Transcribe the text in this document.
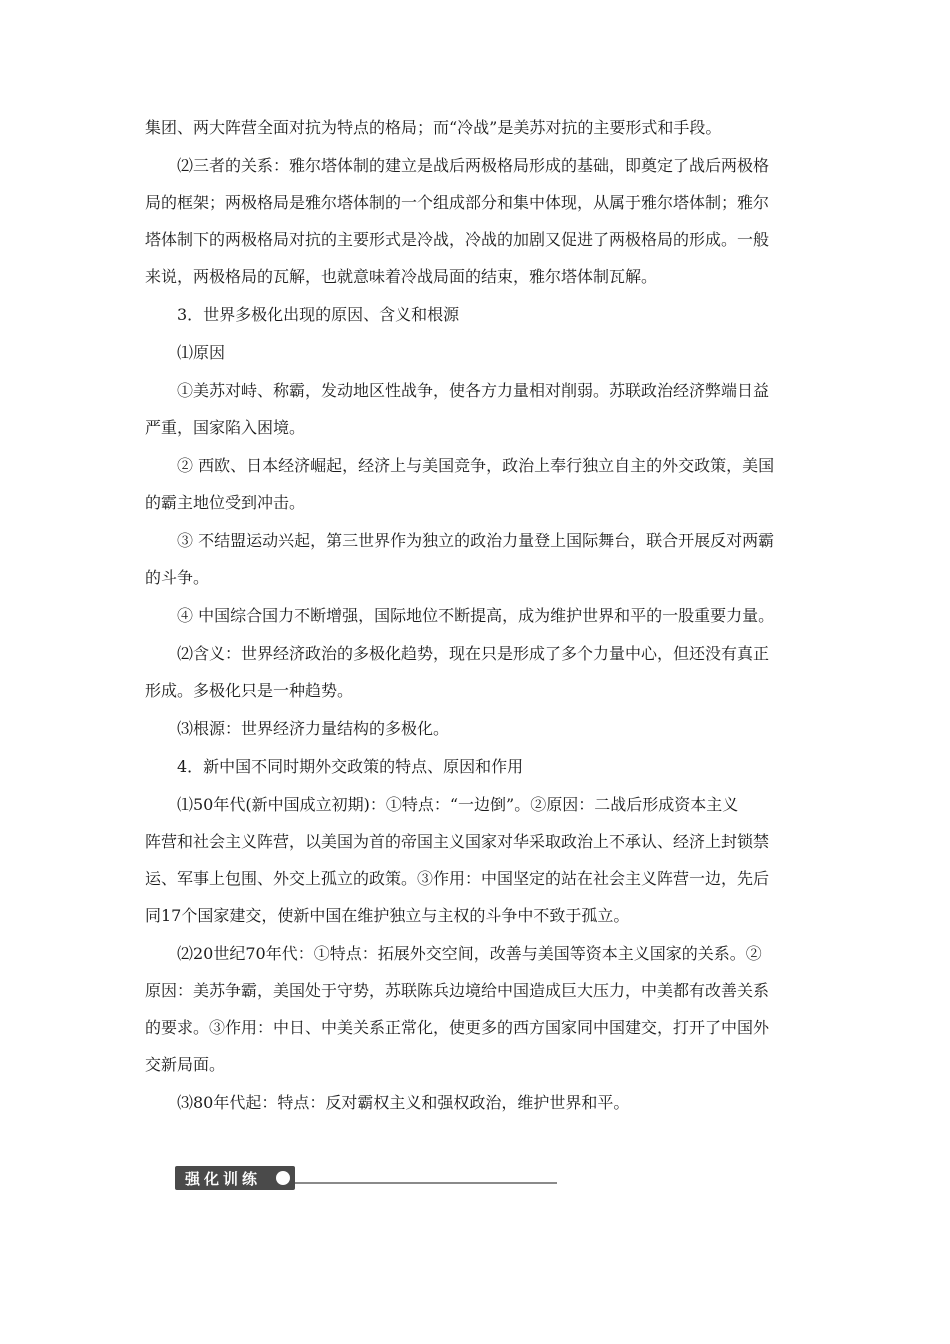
集团、两大阵营全面对抗为特点的格局；而“冷战”是美苏对抗的主要形式和手段。
⑵三者的关系：雅尔塔体制的建立是战后两极格局形成的基础，即奠定了战后两极格
局的框架；两极格局是雅尔塔体制的一个组成部分和集中体现，从属于雅尔塔体制；雅尔
塔体制下的两极格局对抗的主要形式是冷战，冷战的加剧又促进了两极格局的形成。一般
来说，两极格局的瓦解，也就意味着冷战局面的结束，雅尔塔体制瓦解。
3．世界多极化出现的原因、含义和根源
⑴原因
①美苏对峙、称霸，发动地区性战争，使各方力量相对削弱。苏联政治经济弊端日益
严重，国家陷入困境。
② 西欧、日本经济崛起，经济上与美国竞争，政治上奉行独立自主的外交政策，美国
的霸主地位受到冲击。
③ 不结盟运动兴起，第三世界作为独立的政治力量登上国际舞台，联合开展反对两霸
的斗争。
④ 中国综合国力不断增强，国际地位不断提高，成为维护世界和平的一股重要力量。
⑵含义：世界经济政治的多极化趋势，现在只是形成了多个力量中心，但还没有真正
形成。多极化只是一种趋势。
⑶根源：世界经济力量结构的多极化。
4．新中国不同时期外交政策的特点、原因和作用
⑴50年代(新中国成立初期)：①特点：“一边倒”。②原因：二战后形成资本主义
阵营和社会主义阵营，以美国为首的帝国主义国家对华采取政治上不承认、经济上封锁禁
运、军事上包围、外交上孤立的政策。③作用：中国坚定的站在社会主义阵营一边，先后
同17个国家建交，使新中国在维护独立与主权的斗争中不致于孤立。
⑵20世纪70年代：①特点：拓展外交空间，改善与美国等资本主义国家的关系。②
原因：美苏争霸，美国处于守势，苏联陈兵边境给中国造成巨大压力，中美都有改善关系
的要求。③作用：中日、中美关系正常化，使更多的西方国家同中国建交，打开了中国外
交新局面。
⑶80年代起：特点：反对霸权主义和强权政治，维护世界和平。
强化训练
